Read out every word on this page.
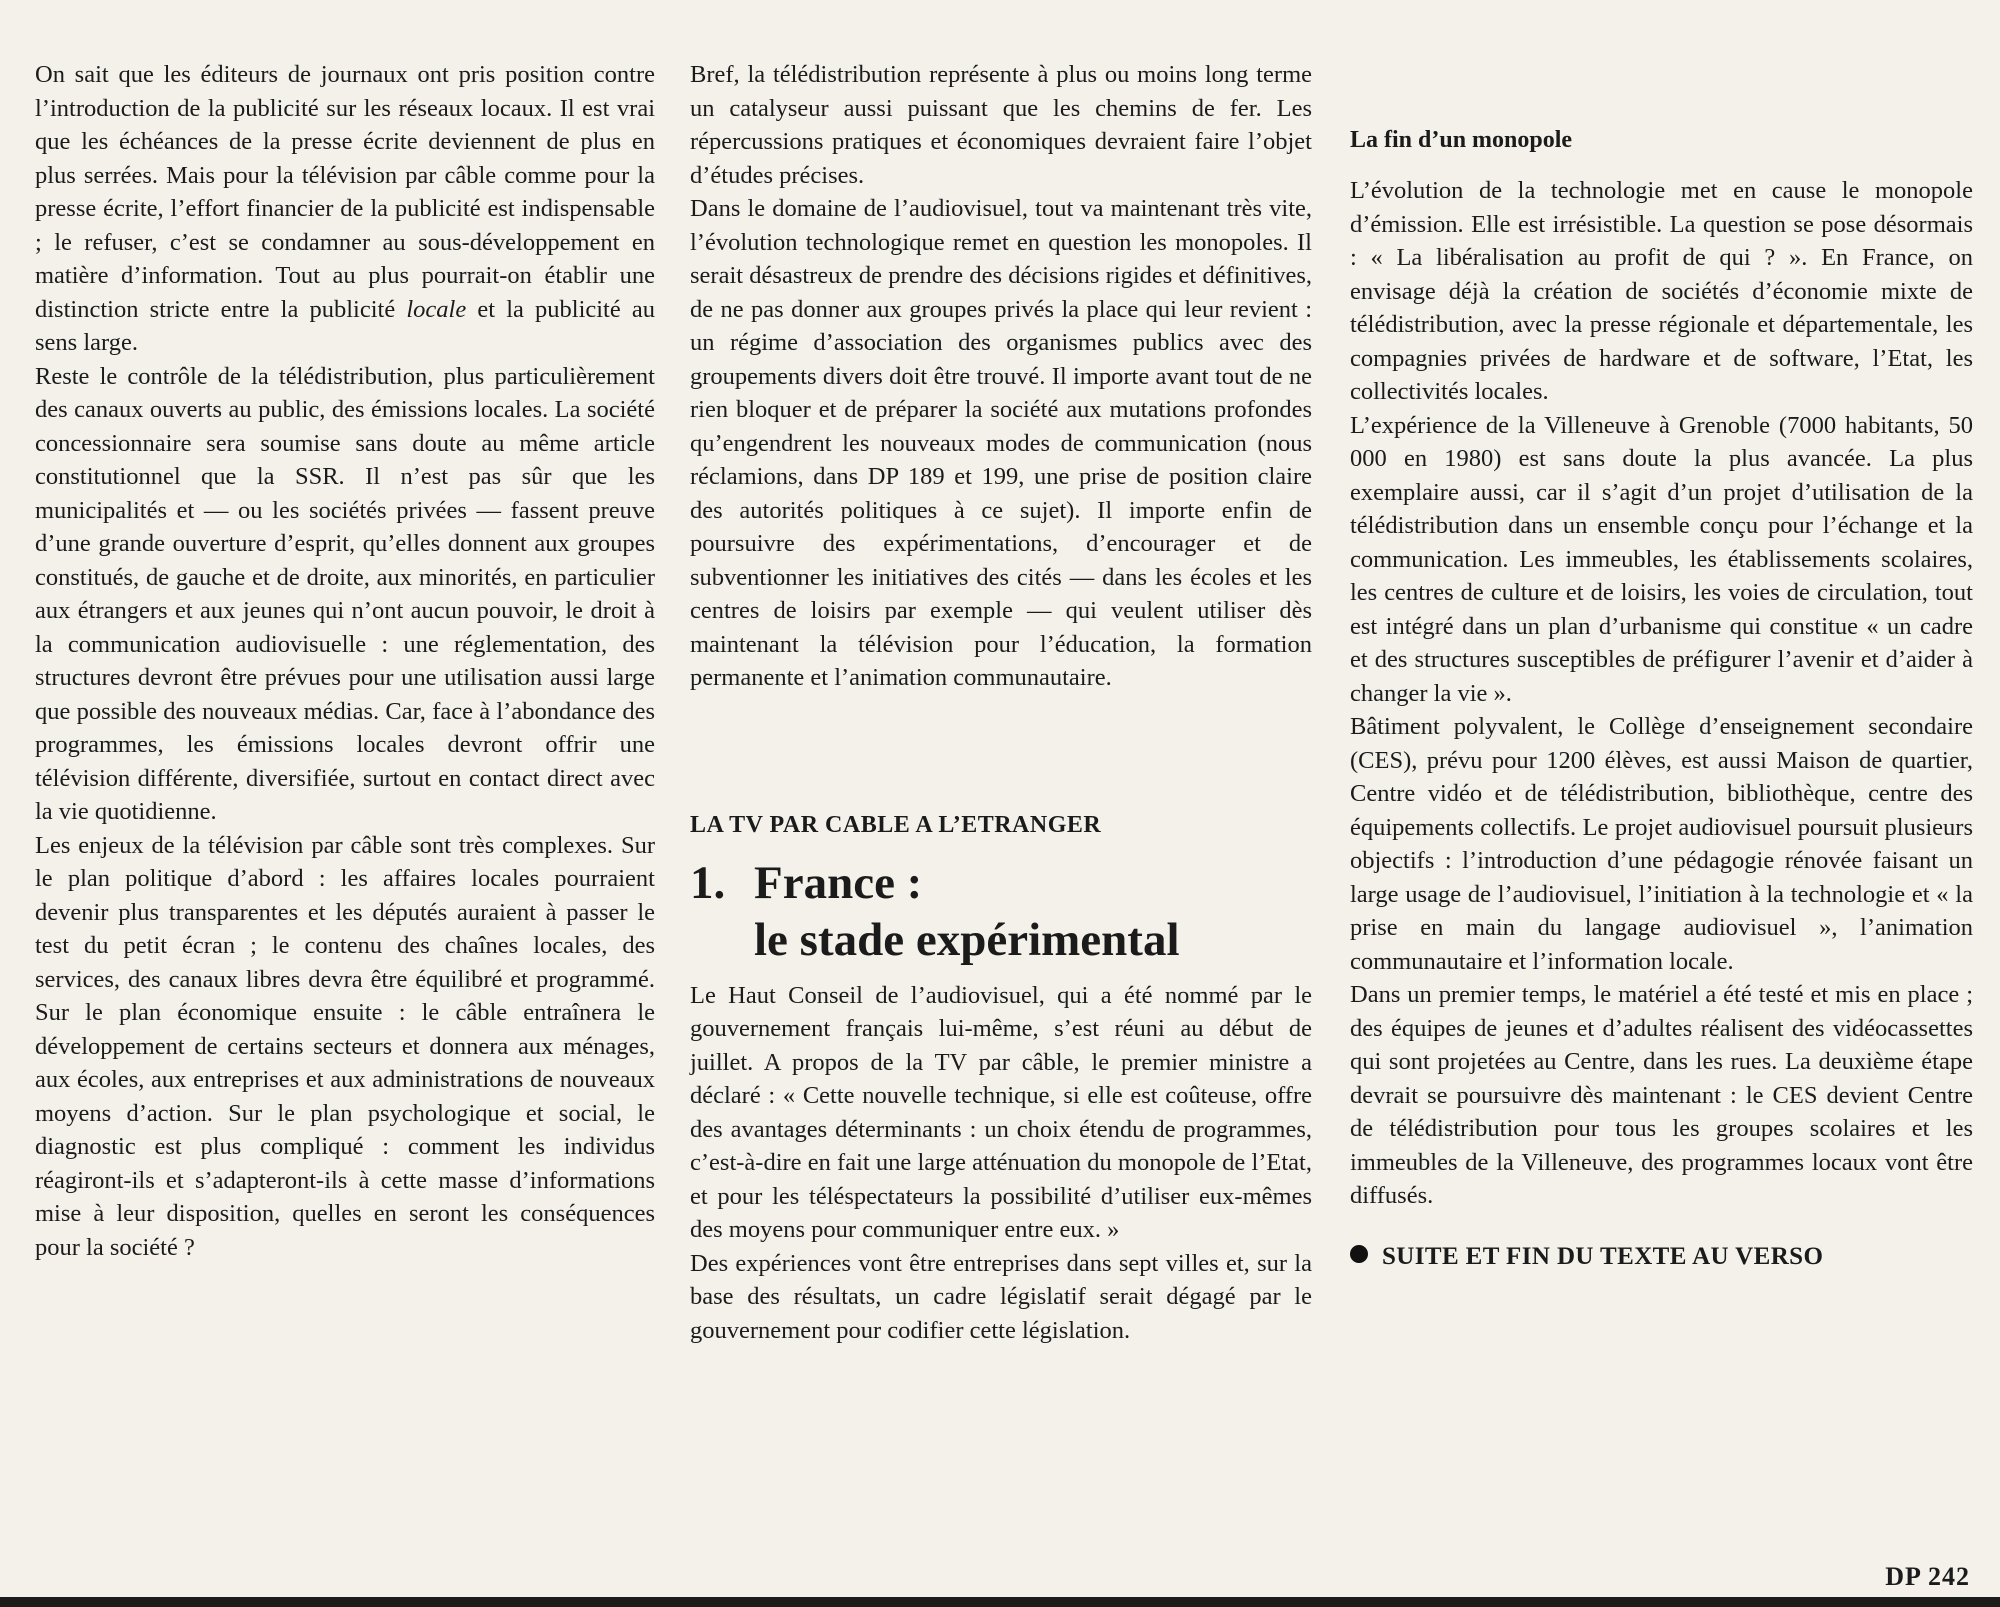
On sait que les éditeurs de journaux ont pris position contre l’introduction de la publicité sur les réseaux locaux. Il est vrai que les échéances de la presse écrite deviennent de plus en plus serrées. Mais pour la télévision par câble comme pour la presse écrite, l’effort financier de la publicité est indispensable ; le refuser, c’est se condamner au sous-développement en matière d’information. Tout au plus pourrait-on établir une distinction stricte entre la publicité locale et la publicité au sens large.

Reste le contrôle de la télédistribution, plus particulièrement des canaux ouverts au public, des émissions locales. La société concessionnaire sera soumise sans doute au même article constitutionnel que la SSR. Il n’est pas sûr que les municipalités et — ou les sociétés privées — fassent preuve d’une grande ouverture d’esprit, qu’elles donnent aux groupes constitués, de gauche et de droite, aux minorités, en particulier aux étrangers et aux jeunes qui n’ont aucun pouvoir, le droit à la communication audiovisuelle : une réglementation, des structures devront être prévues pour une utilisation aussi large que possible des nouveaux médias. Car, face à l’abondance des programmes, les émissions locales devront offrir une télévision différente, diversifiée, surtout en contact direct avec la vie quotidienne.

Les enjeux de la télévision par câble sont très complexes. Sur le plan politique d’abord : les affaires locales pourraient devenir plus transparentes et les députés auraient à passer le test du petit écran ; le contenu des chaînes locales, des services, des canaux libres devra être équilibré et programmé. Sur le plan économique ensuite : le câble entraînera le développement de certains secteurs et donnera aux ménages, aux écoles, aux entreprises et aux administrations de nouveaux moyens d’action. Sur le plan psychologique et social, le diagnostic est plus compliqué : comment les individus réagiront-ils et s’adapteront-ils à cette masse d’informations mise à leur disposition, quelles en seront les conséquences pour la société ?

Bref, la télédistribution représente à plus ou moins long terme un catalyseur aussi puissant que les chemins de fer. Les répercussions pratiques et économiques devraient faire l’objet d’études précises.

Dans le domaine de l’audiovisuel, tout va maintenant très vite, l’évolution technologique remet en question les monopoles. Il serait désastreux de prendre des décisions rigides et définitives, de ne pas donner aux groupes privés la place qui leur revient : un régime d’association des organismes publics avec des groupements divers doit être trouvé. Il importe avant tout de ne rien bloquer et de préparer la société aux mutations profondes qu’engendrent les nouveaux modes de communication (nous réclamions, dans DP 189 et 199, une prise de position claire des autorités politiques à ce sujet). Il importe enfin de poursuivre des expérimentations, d’encourager et de subventionner les initiatives des cités — dans les écoles et les centres de loisirs par exemple — qui veulent utiliser dès maintenant la télévision pour l’éducation, la formation permanente et l’animation communautaire.

LA TV PAR CABLE A L’ETRANGER

1. France :
le stade expérimental

Le Haut Conseil de l’audiovisuel, qui a été nommé par le gouvernement français lui-même, s’est réuni au début de juillet. A propos de la TV par câble, le premier ministre a déclaré : « Cette nouvelle technique, si elle est coûteuse, offre des avantages déterminants : un choix étendu de programmes, c’est-à-dire en fait une large atténuation du monopole de l’Etat, et pour les téléspectateurs la possibilité d’utiliser eux-mêmes des moyens pour communiquer entre eux. »

Des expériences vont être entreprises dans sept villes et, sur la base des résultats, un cadre législatif serait dégagé par le gouvernement pour codifier cette législation.

La fin d’un monopole

L’évolution de la technologie met en cause le monopole d’émission. Elle est irrésistible. La question se pose désormais : « La libéralisation au profit de qui ? ». En France, on envisage déjà la création de sociétés d’économie mixte de télédistribution, avec la presse régionale et départementale, les compagnies privées de hardware et de software, l’Etat, les collectivités locales.

L’expérience de la Villeneuve à Grenoble (7000 habitants, 50 000 en 1980) est sans doute la plus avancée. La plus exemplaire aussi, car il s’agit d’un projet d’utilisation de la télédistribution dans un ensemble conçu pour l’échange et la communication. Les immeubles, les établissements scolaires, les centres de culture et de loisirs, les voies de circulation, tout est intégré dans un plan d’urbanisme qui constitue « un cadre et des structures susceptibles de préfigurer l’avenir et d’aider à changer la vie ».

Bâtiment polyvalent, le Collège d’enseignement secondaire (CES), prévu pour 1200 élèves, est aussi Maison de quartier, Centre vidéo et de télédistribution, bibliothèque, centre des équipements collectifs. Le projet audiovisuel poursuit plusieurs objectifs : l’introduction d’une pédagogie rénovée faisant un large usage de l’audiovisuel, l’initiation à la technologie et « la prise en main du langage audiovisuel », l’animation communautaire et l’information locale.

Dans un premier temps, le matériel a été testé et mis en place ; des équipes de jeunes et d’adultes réalisent des vidéocassettes qui sont projetées au Centre, dans les rues. La deuxième étape devrait se poursuivre dès maintenant : le CES devient Centre de télédistribution pour tous les groupes scolaires et les immeubles de la Villeneuve, des programmes locaux vont être diffusés.

SUITE ET FIN DU TEXTE AU VERSO

DP 242
